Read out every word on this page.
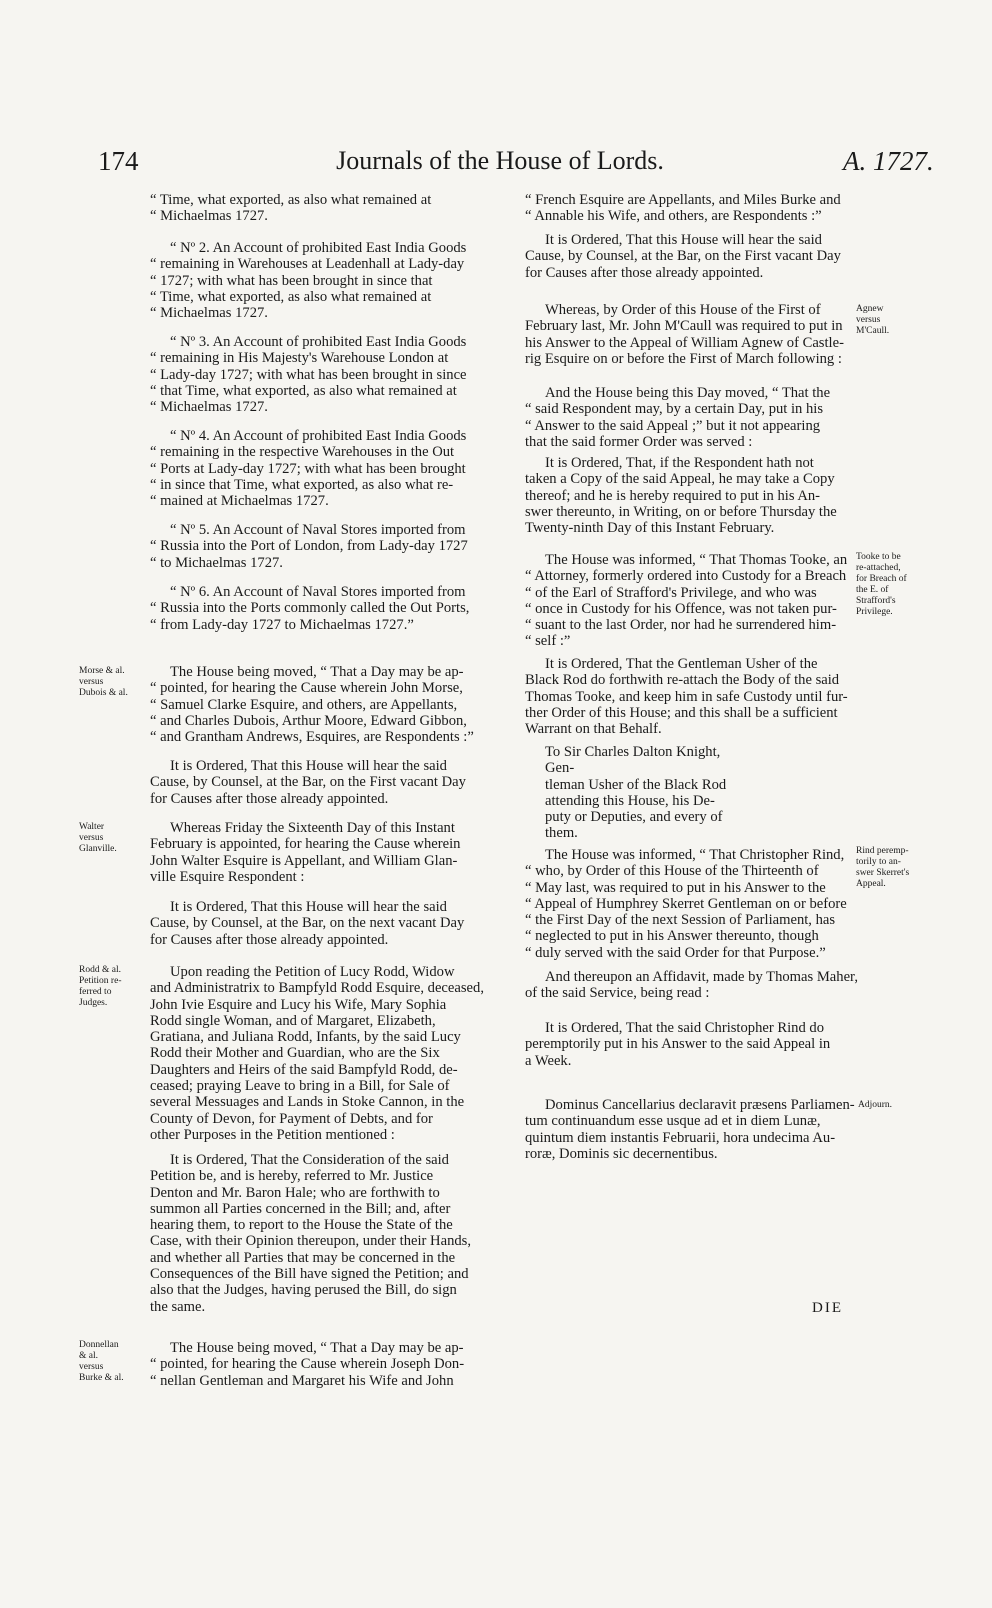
174	Journals of the House of Lords.	A. 1727.

“ Time, what exported, as also what remained at
“ Michaelmas 1727.

“ Nº 2. An Account of prohibited East India Goods
“ remaining in Warehouses at Leadenhall at Lady-day
“ 1727; with what has been brought in since that
“ Time, what exported, as also what remained at
“ Michaelmas 1727.

“ Nº 3. An Account of prohibited East India Goods
“ remaining in His Majesty's Warehouse London at
“ Lady-day 1727; with what has been brought in since
“ that Time, what exported, as also what remained at
“ Michaelmas 1727.

“ Nº 4. An Account of prohibited East India Goods
“ remaining in the respective Warehouses in the Out
“ Ports at Lady-day 1727; with what has been brought
“ in since that Time, what exported, as also what re-
“ mained at Michaelmas 1727.

“ Nº 5. An Account of Naval Stores imported from
“ Russia into the Port of London, from Lady-day 1727
“ to Michaelmas 1727.

“ Nº 6. An Account of Naval Stores imported from
“ Russia into the Ports commonly called the Out Ports,
“ from Lady-day 1727 to Michaelmas 1727.”

The House being moved, “ That a Day may be ap-
“ pointed, for hearing the Cause wherein John Morse,
“ Samuel Clarke Esquire, and others, are Appellants,
“ and Charles Dubois, Arthur Moore, Edward Gibbon,
“ and Grantham Andrews, Esquires, are Respondents :”

It is Ordered, That this House will hear the said
Cause, by Counsel, at the Bar, on the First vacant Day
for Causes after those already appointed.

Whereas Friday the Sixteenth Day of this Instant
February is appointed, for hearing the Cause wherein
John Walter Esquire is Appellant, and William Glan-
ville Esquire Respondent :

It is Ordered, That this House will hear the said
Cause, by Counsel, at the Bar, on the next vacant Day
for Causes after those already appointed.

Upon reading the Petition of Lucy Rodd, Widow
and Administratrix to Bampfyld Rodd Esquire, deceased,
John Ivie Esquire and Lucy his Wife, Mary Sophia
Rodd single Woman, and of Margaret, Elizabeth,
Gratiana, and Juliana Rodd, Infants, by the said Lucy
Rodd their Mother and Guardian, who are the Six
Daughters and Heirs of the said Bampfyld Rodd, de-
ceased; praying Leave to bring in a Bill, for Sale of
several Messuages and Lands in Stoke Cannon, in the
County of Devon, for Payment of Debts, and for
other Purposes in the Petition mentioned :

It is Ordered, That the Consideration of the said
Petition be, and is hereby, referred to Mr. Justice
Denton and Mr. Baron Hale; who are forthwith to
summon all Parties concerned in the Bill; and, after
hearing them, to report to the House the State of the
Case, with their Opinion thereupon, under their Hands,
and whether all Parties that may be concerned in the
Consequences of the Bill have signed the Petition; and
also that the Judges, having perused the Bill, do sign
the same.

The House being moved, “ That a Day may be ap-
“ pointed, for hearing the Cause wherein Joseph Don-
“ nellan Gentleman and Margaret his Wife and John

Morse & al.
versus
Dubois & al.
Walter
versus
Glanville.
Rodd & al.
Petition re-
ferred to
Judges.
Donnellan
& al.
versus
Burke & al.

“ French Esquire are Appellants, and Miles Burke and
“ Annable his Wife, and others, are Respondents :”

It is Ordered, That this House will hear the said
Cause, by Counsel, at the Bar, on the First vacant Day
for Causes after those already appointed.

Whereas, by Order of this House of the First of
February last, Mr. John M'Caull was required to put in
his Answer to the Appeal of William Agnew of Castle-
rig Esquire on or before the First of March following :

And the House being this Day moved, “ That the
“ said Respondent may, by a certain Day, put in his
“ Answer to the said Appeal ;” but it not appearing
that the said former Order was served :

It is Ordered, That, if the Respondent hath not
taken a Copy of the said Appeal, he may take a Copy
thereof; and he is hereby required to put in his An-
swer thereunto, in Writing, on or before Thursday the
Twenty-ninth Day of this Instant February.

The House was informed, “ That Thomas Tooke, an
“ Attorney, formerly ordered into Custody for a Breach
“ of the Earl of Strafford's Privilege, and who was
“ once in Custody for his Offence, was not taken pur-
“ suant to the last Order, nor had he surrendered him-
“ self :”

It is Ordered, That the Gentleman Usher of the
Black Rod do forthwith re-attach the Body of the said
Thomas Tooke, and keep him in safe Custody until fur-
ther Order of this House; and this shall be a sufficient
Warrant on that Behalf.

To Sir Charles Dalton Knight, Gen-
tleman Usher of the Black Rod
attending this House, his De-
puty or Deputies, and every of
them.

The House was informed, “ That Christopher Rind,
“ who, by Order of this House of the Thirteenth of
“ May last, was required to put in his Answer to the
“ Appeal of Humphrey Skerret Gentleman on or before
“ the First Day of the next Session of Parliament, has
“ neglected to put in his Answer thereunto, though
“ duly served with the said Order for that Purpose.”

And thereupon an Affidavit, made by Thomas Maher,
of the said Service, being read :

It is Ordered, That the said Christopher Rind do
peremptorily put in his Answer to the said Appeal in
a Week.

Dominus Cancellarius declaravit præsens Parliamen-
tum continuandum esse usque ad et in diem Lunæ,
quintum diem instantis Februarii, hora undecima Au-
roræ, Dominis sic decernentibus.

Agnew
versus
M'Caull.
Tooke to be
re-attached,
for Breach of
the E. of
Strafford's
Privilege.
Rind peremp-
torily to an-
swer Skerret's
Appeal.
Adjourn.
DIE
